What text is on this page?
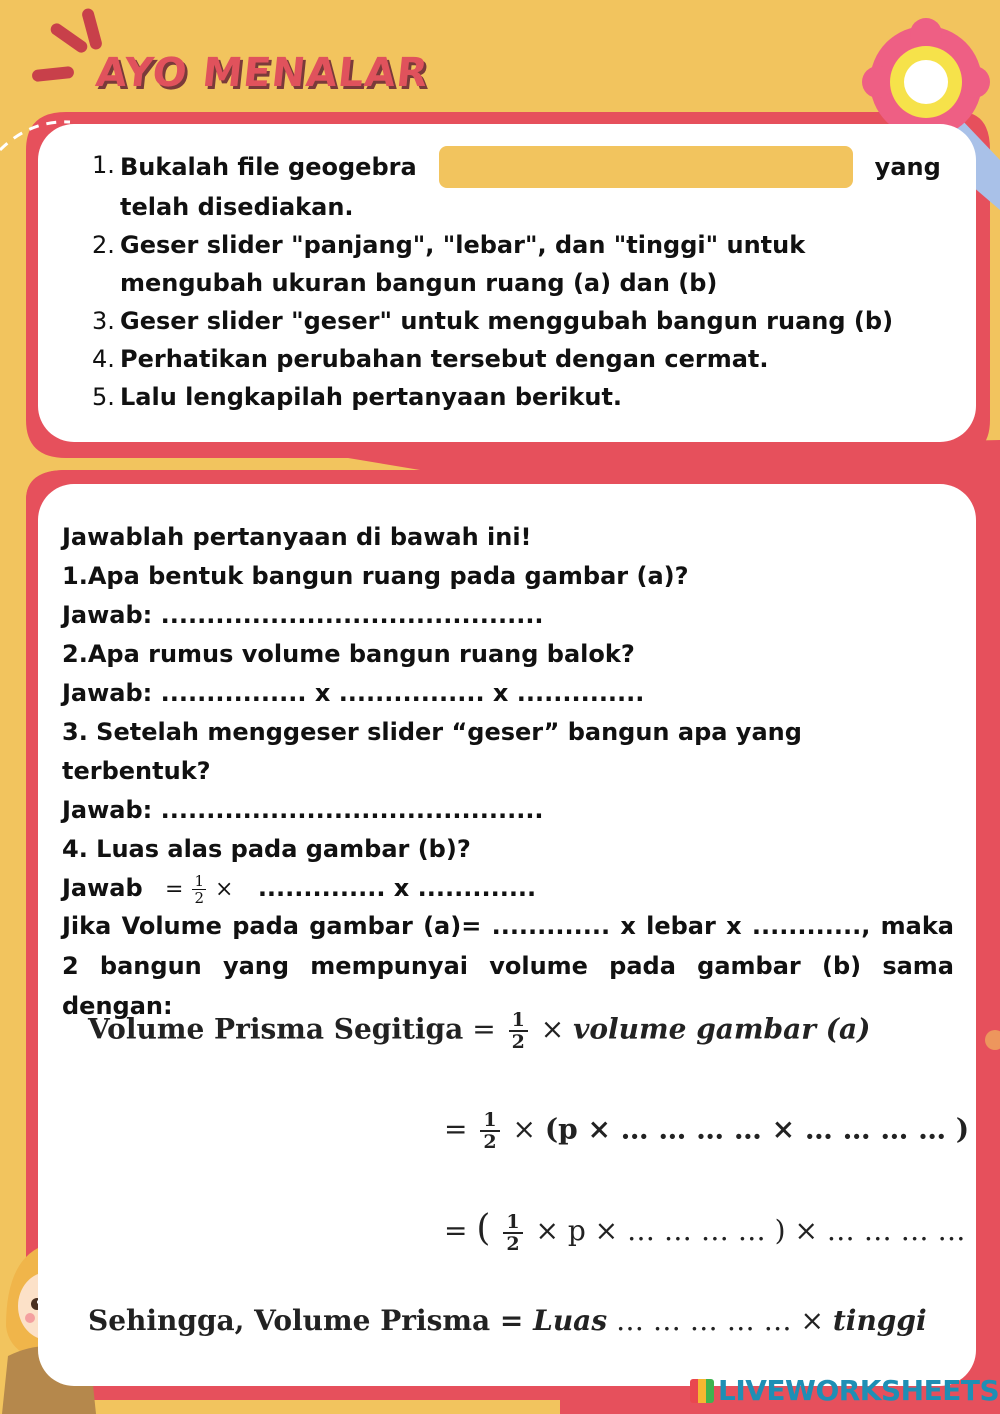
AYO MENALAR
1. Bukalah file geogebra	yang
telah disediakan.
2. Geser slider "panjang", "lebar", dan "tinggi" untuk mengubah ukuran bangun ruang (a) dan (b)
3. Geser slider "geser" untuk menggubah bangun ruang (b)
4. Perhatikan perubahan tersebut dengan cermat.
5. Lalu lengkapilah pertanyaan berikut.
Jawablah pertanyaan di bawah ini!
1.Apa bentuk bangun ruang pada gambar (a)?
Jawab: ..........................................
2.Apa rumus volume bangun ruang balok?
Jawab: ................ x ................ x ..............
3. Setelah menggeser slider “geser” bangun apa yang terbentuk?
Jawab: ..........................................
4. Luas alas pada gambar (b)?
Jawab = $\frac{1}{2}$ × .............. x .............
Jika Volume pada gambar (a)= ............. x lebar x ............, maka 2 bangun yang mempunyai volume pada gambar (b) sama dengan:
Volume Prisma Segitiga = $\frac{1}{2}$ × volume gambar (a)
= $\frac{1}{2} \times (p$ × … … … … × … … … … )
= ( $\frac{1}{2} \times p$ × … … … … ) × … … … …
Sehingga, Volume Prisma = Luas … … … … … × tinggi
LIVEWORKSHEETS
